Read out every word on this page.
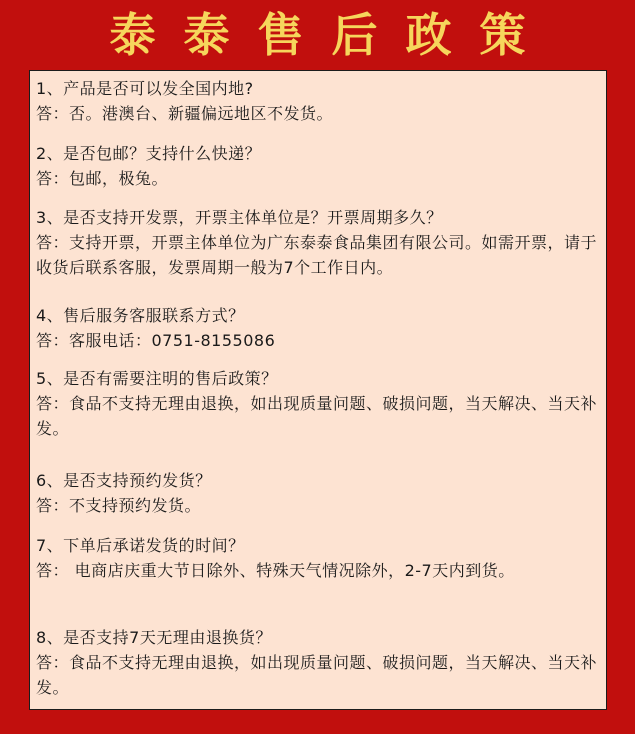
泰泰售后政策
1、产品是否可以发全国内地?
答：否。港澳台、新疆偏远地区不发货。
2、是否包邮？支持什么快递？
答：包邮，极兔。
3、是否支持开发票，开票主体单位是？开票周期多久？
答：支持开票，开票主体单位为广东泰泰食品集团有限公司。如需开票，请于收货后联系客服，发票周期一般为7个工作日内。
4、售后服务客服联系方式？
答：客服电话：0751-8155086
5、是否有需要注明的售后政策？
答：食品不支持无理由退换，如出现质量问题、破损问题，当天解决、当天补发。
6、是否支持预约发货？
答：不支持预约发货。
7、下单后承诺发货的时间？
答： 电商店庆重大节日除外、特殊天气情况除外，2-7天内到货。
8、是否支持7天无理由退换货？
答：食品不支持无理由退换，如出现质量问题、破损问题，当天解决、当天补发。
